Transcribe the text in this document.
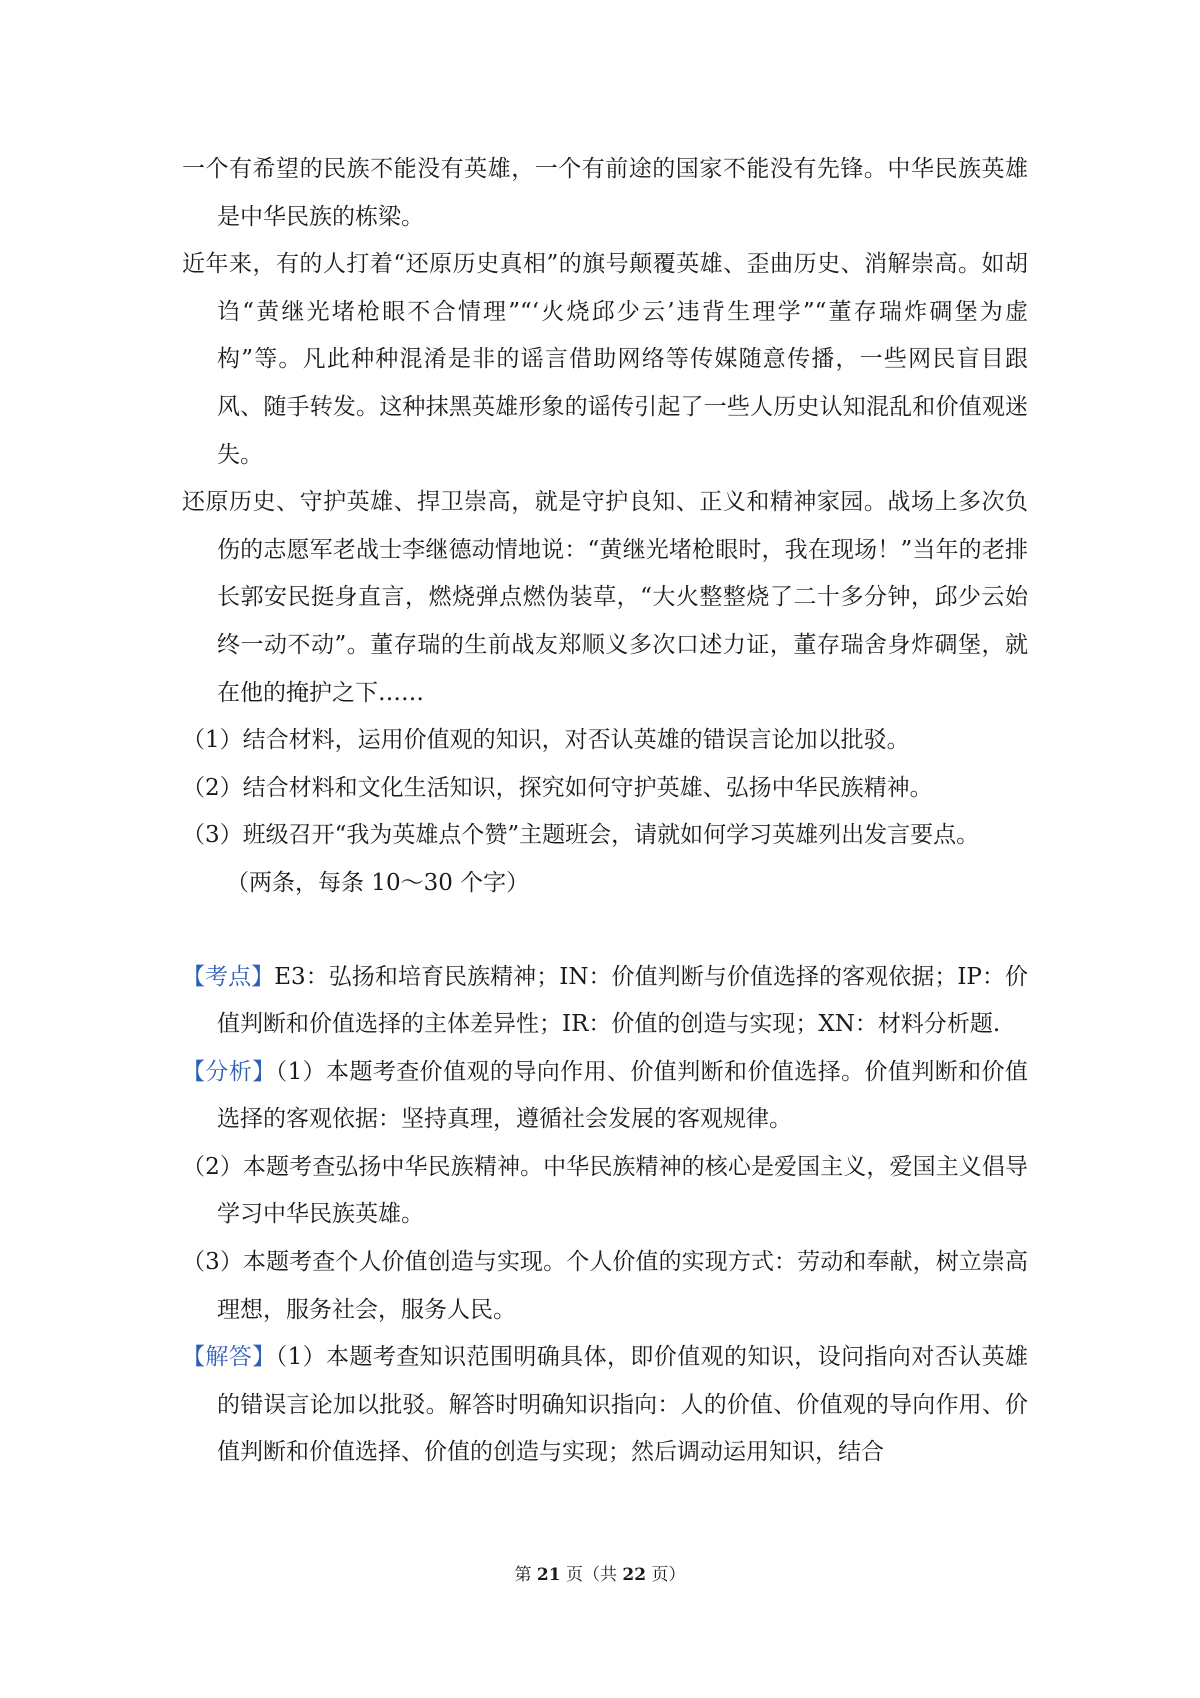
一个有希望的民族不能没有英雄，一个有前途的国家不能没有先锋。中华民族英雄是中华民族的栋梁。

近年来，有的人打着“还原历史真相”的旗号颠覆英雄、歪曲历史、消解崇高。如胡诌“黄继光堵枪眼不合情理”“‘火烧邱少云’违背生理学”“董存瑞炸碉堡为虚构”等。凡此种种混淆是非的谣言借助网络等传媒随意传播，一些网民盲目跟风、随手转发。这种抹黑英雄形象的谣传引起了一些人历史认知混乱和价值观迷失。

还原历史、守护英雄、捍卫崇高，就是守护良知、正义和精神家园。战场上多次负伤的志愿军老战士李继德动情地说：“黄继光堵枪眼时，我在现场！”当年的老排长郭安民挺身直言，燃烧弹点燃伪装草，“大火整整烧了二十多分钟，邱少云始终一动不动”。董存瑞的生前战友郑顺义多次口述力证，董存瑞舍身炸碉堡，就在他的掩护之下……

（1）结合材料，运用价值观的知识，对否认英雄的错误言论加以批驳。

（2）结合材料和文化生活知识，探究如何守护英雄、弘扬中华民族精神。

（3）班级召开“我为英雄点个赞”主题班会，请就如何学习英雄列出发言要点。

（两条，每条 10～30 个字）

【考点】E3：弘扬和培育民族精神；IN：价值判断与价值选择的客观依据；IP：价值判断和价值选择的主体差异性；IR：价值的创造与实现；XN：材料分析题.

【分析】（1）本题考查价值观的导向作用、价值判断和价值选择。价值判断和价值选择的客观依据：坚持真理，遵循社会发展的客观规律。

（2）本题考查弘扬中华民族精神。中华民族精神的核心是爱国主义，爱国主义倡导学习中华民族英雄。

（3）本题考查个人价值创造与实现。个人价值的实现方式：劳动和奉献，树立崇高理想，服务社会，服务人民。

【解答】（1）本题考查知识范围明确具体，即价值观的知识，设问指向对否认英雄的错误言论加以批驳。解答时明确知识指向：人的价值、价值观的导向作用、价值判断和价值选择、价值的创造与实现；然后调动运用知识，结合

第 21 页（共 22 页）
